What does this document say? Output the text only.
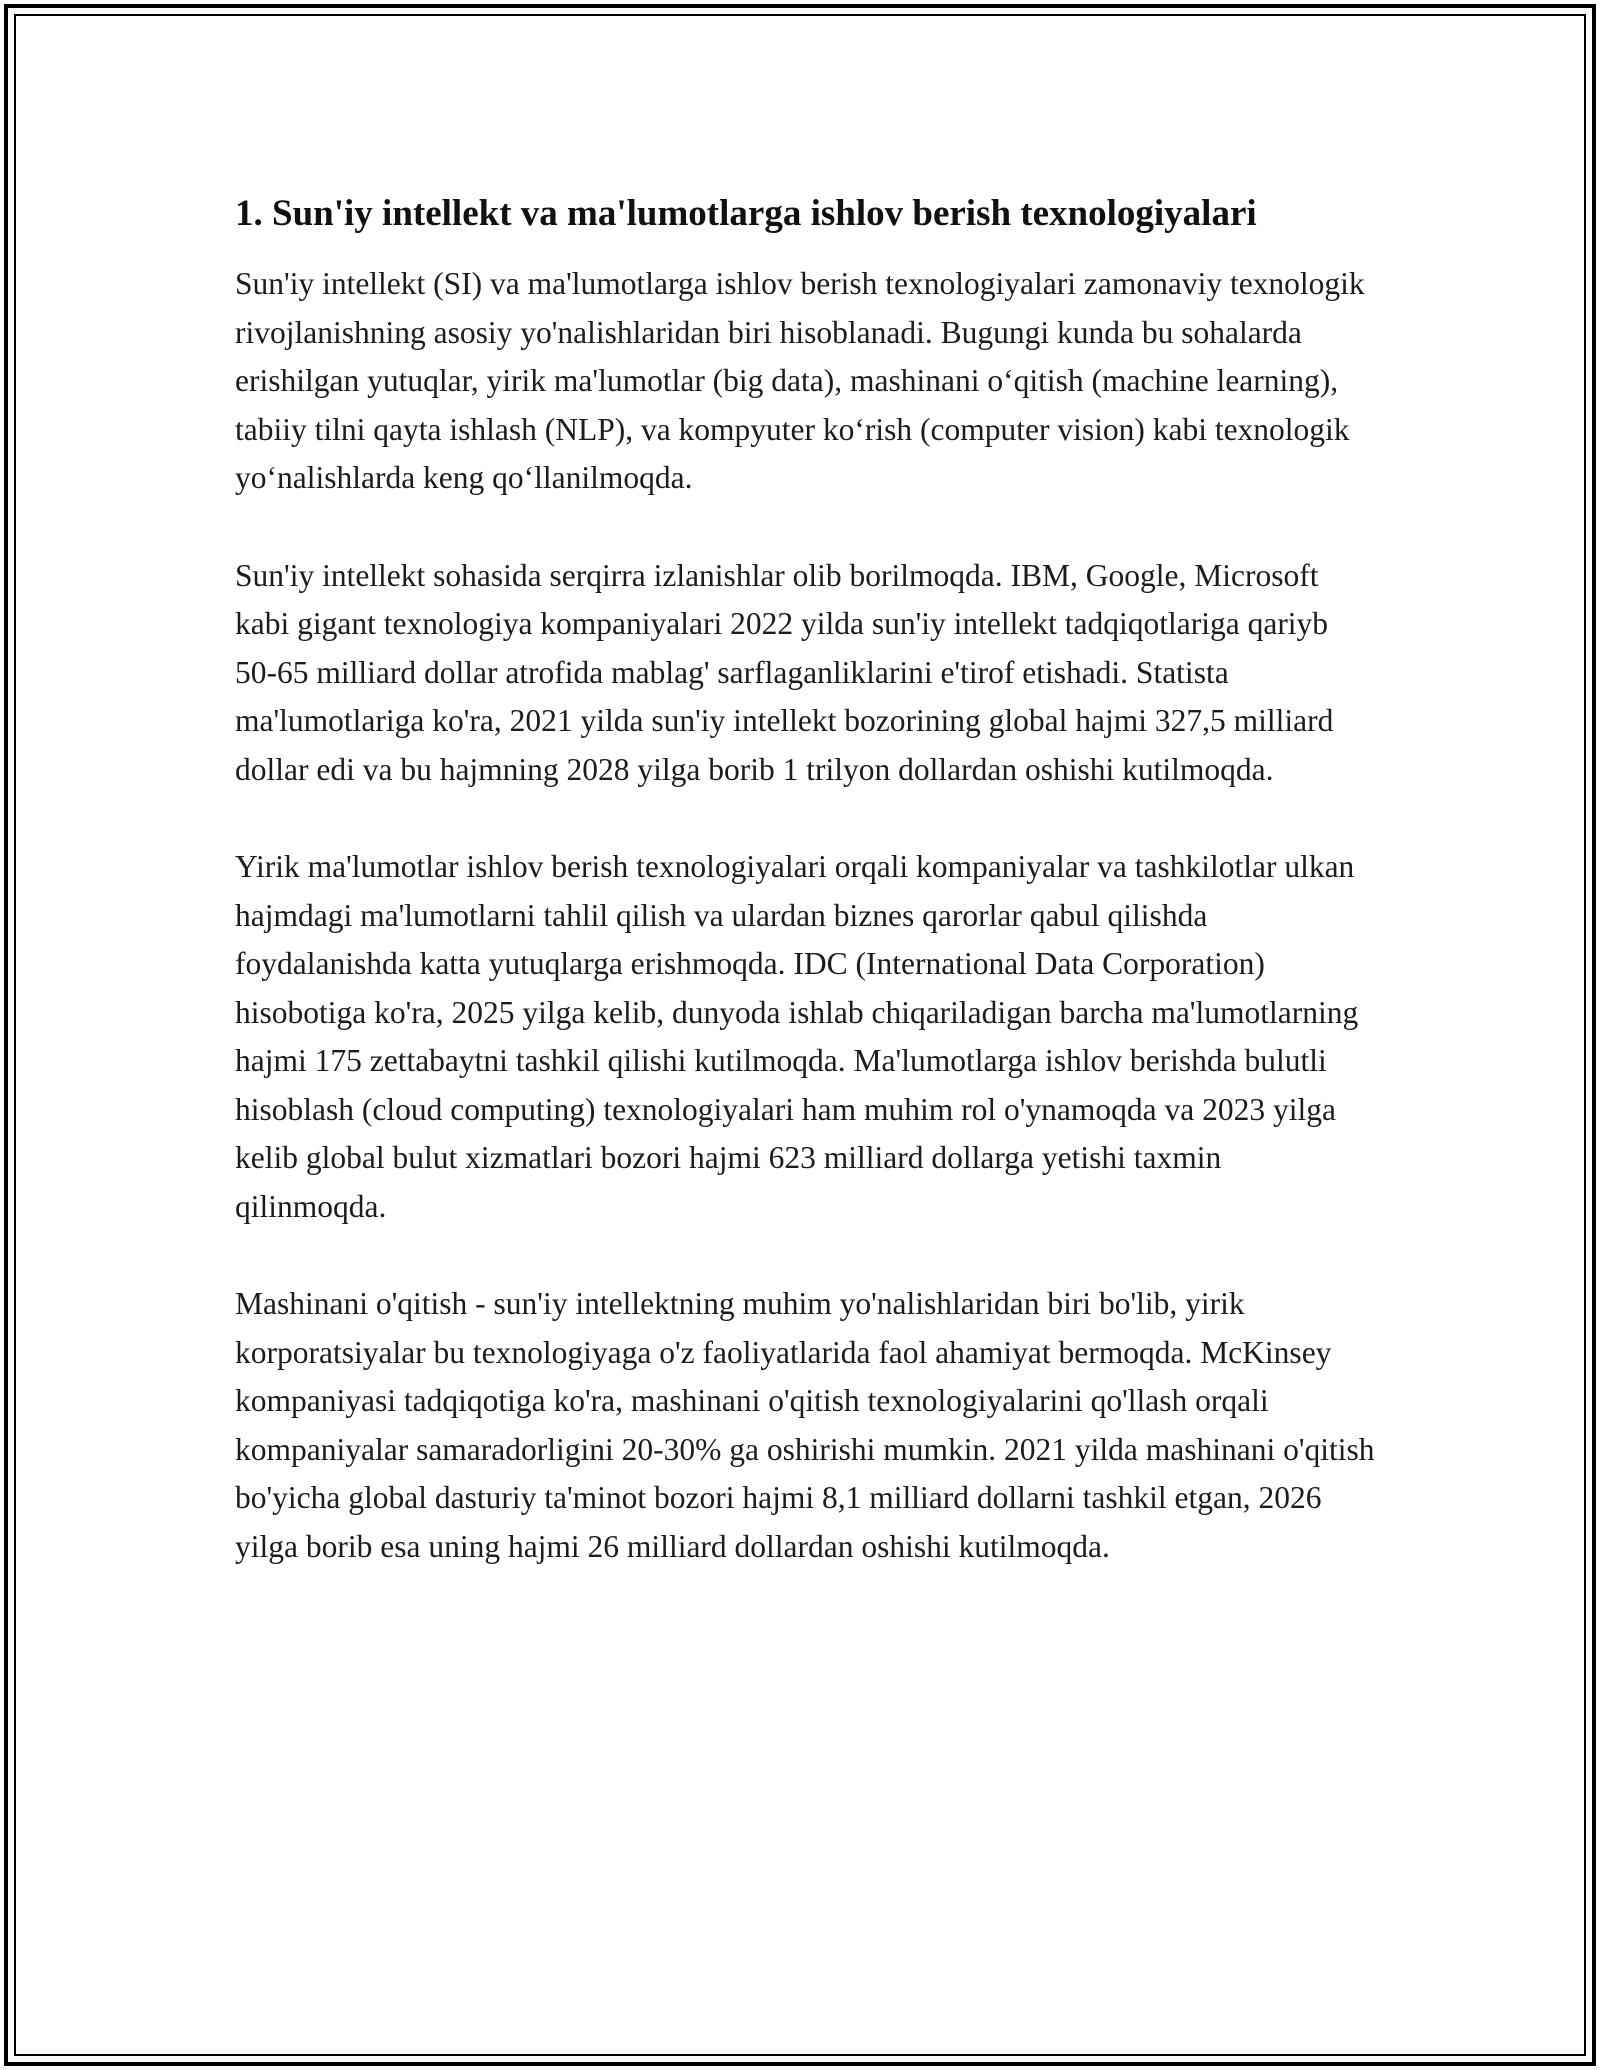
1. Sun'iy intellekt va ma'lumotlarga ishlov berish texnologiyalari

Sun'iy intellekt (SI) va ma'lumotlarga ishlov berish texnologiyalari zamonaviy texnologik rivojlanishning asosiy yo'nalishlaridan biri hisoblanadi. Bugungi kunda bu sohalarda erishilgan yutuqlar, yirik ma'lumotlar (big data), mashinani o‘qitish (machine learning), tabiiy tilni qayta ishlash (NLP), va kompyuter ko‘rish (computer vision) kabi texnologik yo‘nalishlarda keng qo‘llanilmoqda.

Sun'iy intellekt sohasida serqirra izlanishlar olib borilmoqda. IBM, Google, Microsoft kabi gigant texnologiya kompaniyalari 2022 yilda sun'iy intellekt tadqiqotlariga qariyb 50-65 milliard dollar atrofida mablag' sarflaganliklarini e'tirof etishadi. Statista ma'lumotlariga ko'ra, 2021 yilda sun'iy intellekt bozorining global hajmi 327,5 milliard dollar edi va bu hajmning 2028 yilga borib 1 trilyon dollardan oshishi kutilmoqda.

Yirik ma'lumotlar ishlov berish texnologiyalari orqali kompaniyalar va tashkilotlar ulkan hajmdagi ma'lumotlarni tahlil qilish va ulardan biznes qarorlar qabul qilishda foydalanishda katta yutuqlarga erishmoqda. IDC (International Data Corporation) hisobotiga ko'ra, 2025 yilga kelib, dunyoda ishlab chiqariladigan barcha ma'lumotlarning hajmi 175 zettabaytni tashkil qilishi kutilmoqda. Ma'lumotlarga ishlov berishda bulutli hisoblash (cloud computing) texnologiyalari ham muhim rol o'ynamoqda va 2023 yilga kelib global bulut xizmatlari bozori hajmi 623 milliard dollarga yetishi taxmin qilinmoqda.

Mashinani o'qitish - sun'iy intellektning muhim yo'nalishlaridan biri bo'lib, yirik korporatsiyalar bu texnologiyaga o'z faoliyatlarida faol ahamiyat bermoqda. McKinsey kompaniyasi tadqiqotiga ko'ra, mashinani o'qitish texnologiyalarini qo'llash orqali kompaniyalar samaradorligini 20-30% ga oshirishi mumkin. 2021 yilda mashinani o'qitish bo'yicha global dasturiy ta'minot bozori hajmi 8,1 milliard dollarni tashkil etgan, 2026 yilga borib esa uning hajmi 26 milliard dollardan oshishi kutilmoqda.
